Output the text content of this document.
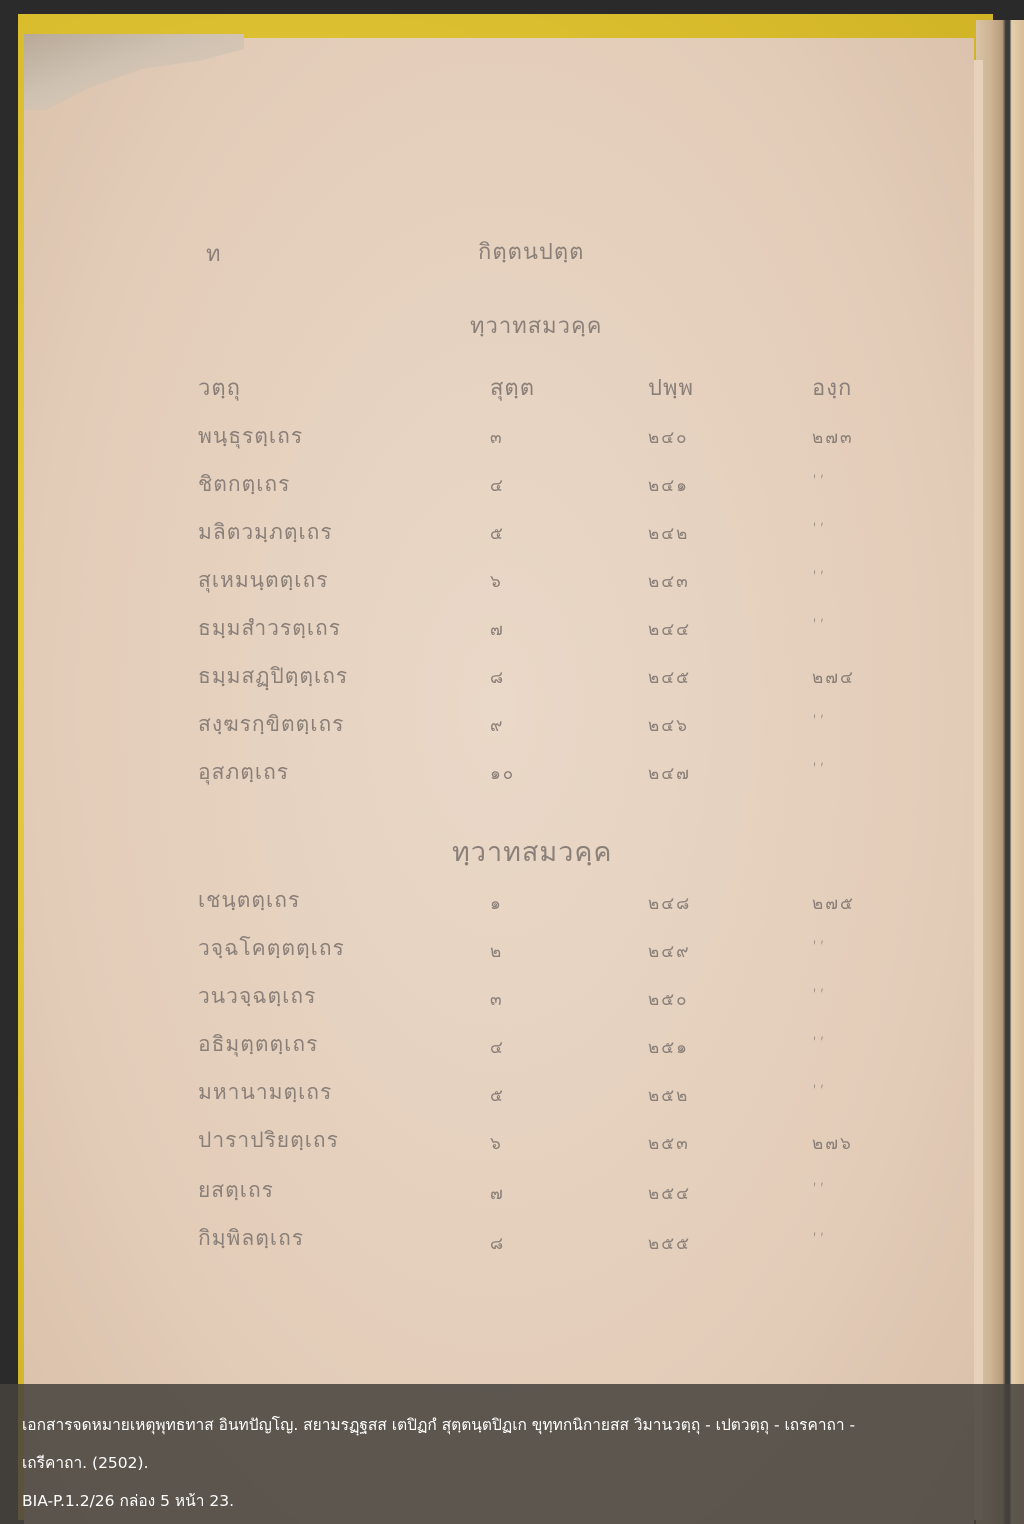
ท	กิตฺตนปตฺต
ทฺวาทสมวคฺค
วตฺถุ	สุตฺต	ปพฺพ	องฺก
พนฺธุรตฺเถร	๓	๒๔๐	๒๗๓
ชิตกตฺเถร	๔	๒๔๑	’’
มลิตวมฺภตฺเถร	๕	๒๔๒	’’
สุเหมนฺตตฺเถร	๖	๒๔๓	’’
ธมฺมสำวรตฺเถร	๗	๒๔๔	’’
ธมฺมสฏฺปิตฺตฺเถร	๘	๒๔๕	๒๗๔
สงฺฆรกฺขิตตฺเถร	๙	๒๔๖	’’
อุสภตฺเถร	๑๐	๒๔๗	’’
ทฺวาทสมวคฺค
เชนฺตตฺเถร	๑	๒๔๘	๒๗๕
วจฺฉโคตฺตตฺเถร	๒	๒๔๙	’’
วนวจฺฉตฺเถร	๓	๒๕๐	’’
อธิมุตฺตตฺเถร	๔	๒๕๑	’’
มหานามตฺเถร	๕	๒๕๒	’’
ปาราปริยตฺเถร	๖	๒๕๓	๒๗๖
ยสตฺเถร	๗	๒๕๔	’’
กิมฺพิลตฺเถร	๘	๒๕๕	’’
เอกสารจดหมายเหตุพุทธทาส อินทปัญโญ. สยามรฏฺฐสส เตปิฏกํ สุตฺตนฺตปิฏเก ขุทฺทกนิกายสส วิมานวตฺถุ - เปตวตฺถุ - เถรคาถา -
เถรีคาถา. (2502).
BIA-P.1.2/26 กล่อง 5 หน้า 23.
